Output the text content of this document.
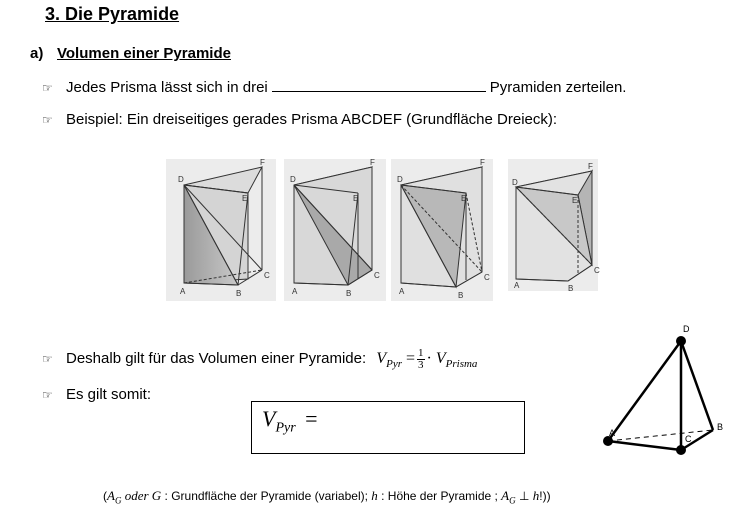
3. Die Pyramide
a) Volumen einer Pyramide
☞ Jedes Prisma lässt sich in drei	Pyramiden zerteilen.
☞ Beispiel: Ein dreiseitiges gerades Prisma ABCDEF (Grundfläche Dreieck):
D
F
E
A	B
C
D
F
E
A	B
C
D
F
E
A	B
C
D
F
E
A	B
C
☞ Deshalb gilt für das Volumen einer Pyramide: $V_{Pyr} = \frac{1}{3} \cdot V_{Prisma}$
☞ Es gilt somit:
$V_{Pyr}$ =
D
A
B
C
($A_G$ oder G : Grundfläche der Pyramide (variabel); h : Höhe der Pyramide ; $A_G$ ⊥ h!))
